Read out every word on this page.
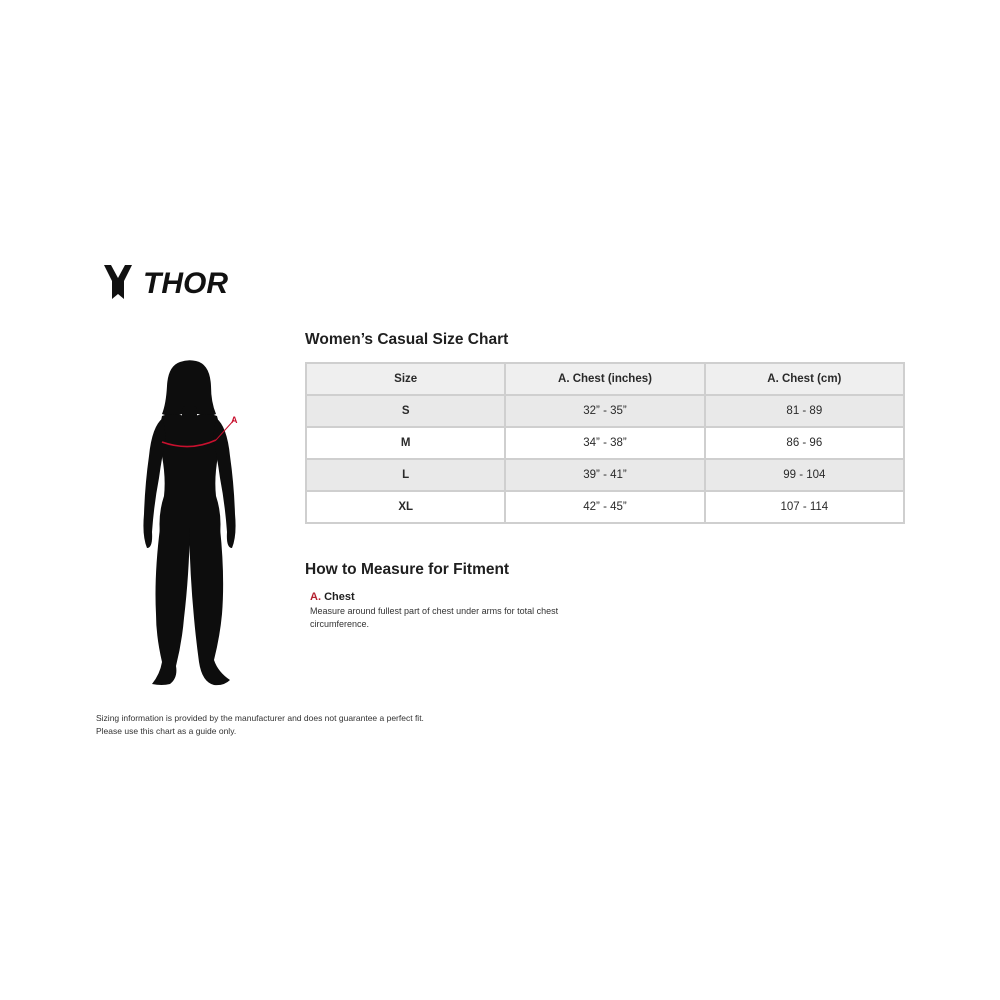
THOR
A
Women’s Casual Size Chart
Size	A. Chest (inches)	A. Chest (cm)
S	32” - 35”	81 - 89
M	34” - 38”	86 - 96
L	39” - 41”	99 - 104
XL	42” - 45”	107 - 114
How to Measure for Fitment
A. Chest
Measure around fullest part of chest under arms for total chest circumference.
Sizing information is provided by the manufacturer and does not guarantee a perfect fit.
Please use this chart as a guide only.
